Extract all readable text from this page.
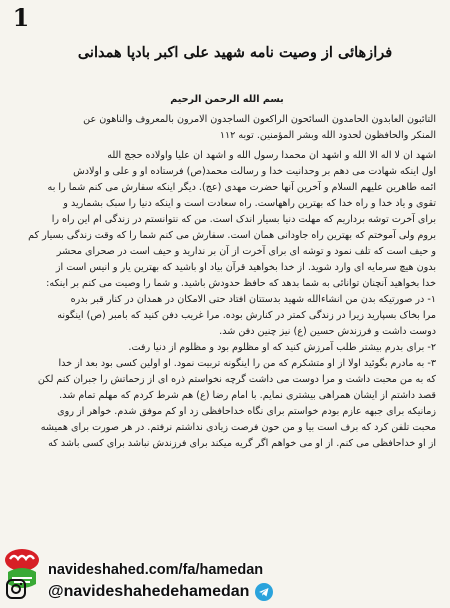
1
فرازهائی از وصیت نامه شهید علی اکبر بادپا همدانی

بسم الله الرحمن الرحیم

التائبون العابدون الحامدون السائحون الراکعون الساجدون الامرون بالمعروف والناهون عن

المنکر والحافظون لحدود الله وبشر المؤمنین. توبه ۱۱۲

اشهد ان لا اله الا الله و اشهد ان محمدا رسول الله و اشهد ان علیا واولاده حجج الله

اول اینکه شهادت می دهم بر وحدانیت خدا و رسالت محمد(ص) فرستاده او و علی و اولادش

ائمه طاهرین علیهم السلام و آخرین آنها حضرت مهدی (عج). دیگر اینکه سفارش می کنم شما را به

تقوی و یاد خدا و راه خدا که بهترین راههاست. راه سعادت است و اینکه دنیا را سبک بشمارید و

برای آخرت توشه برداریم که مهلت دنیا بسیار اندک است. من که نتوانستم در زندگی ام این راه را

بروم ولی آموختم که بهترین راه جاودانی همان است. سفارش می کنم شما را که وقت زندگی بسیار کم

و حیف است که تلف نمود و توشه ای برای آخرت از آن بر ندارید و حیف است در صحرای محشر

بدون هیچ سرمایه ای وارد شوید. از خدا بخواهید قرآن بیاد او باشید که بهترین یار و انیس است از

خدا بخواهید آنچنان توانائی به شما بدهد که حافظ حدودش باشید. و شما را وصیت می کنم بر اینکه:

۱- در صورتیکه بدن من انشاءالله شهید بدستتان افتاد حتی الامکان در همدان در کنار قبر بدره

مرا بخاک بسپارید زیرا در زندگی کمتر در کنارش بوده. مرا غریب دفن کنید که بامبر (ص) اینگونه

دوست داشت و فرزندش حسین (ع) نیز چنین دفن شد.

۲- برای بدرم بیشتر طلب آمرزش کنید که او مظلوم بود و مظلوم از دنیا رفت.

۳- به مادرم بگوئید اولا از او متشکرم که من را اینگونه تربیت نمود. او اولین کسی بود بعد از خدا

که به من محبت داشت و مرا دوست می داشت گرچه نخواستم ذره ای از زحماتش را جبران کنم لکن

قصد داشتم از ایشان همراهی بیشتری نمایم. با امام رضا (ع) هم شرط کردم که مهلم تمام شد.

زمانیکه برای جبهه عازم بودم خواستم برای نگاه خداحافظی زد او کم موفق شدم. خواهر از روی

محبت تلفن کرد که برف است بیا و من حون فرصت زیادی نداشتم نرفتم. در هر صورت برای همیشه

از او خداحافظی می کنم. از او می خواهم اگر گریه میکند برای فرزندش نباشد برای کسی باشد که

navideshahed.com/fa/hamedan
@navideshahedehamedan
